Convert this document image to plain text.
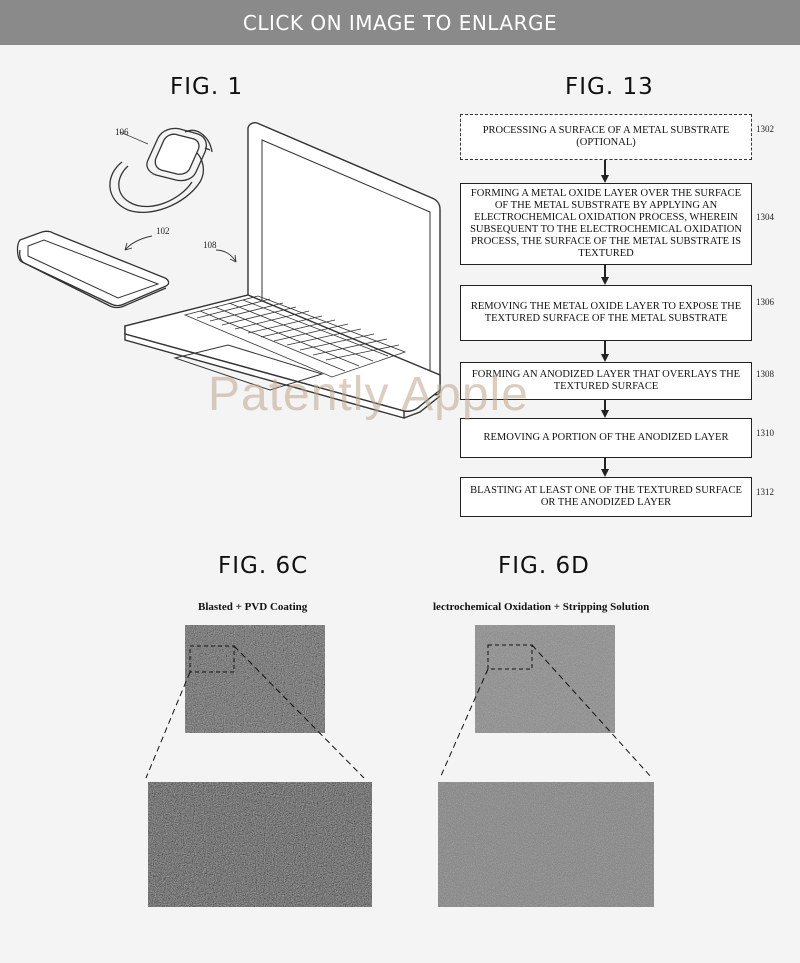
CLICK ON IMAGE TO ENLARGE
FIG. 1
106
102
108
FIG. 13
PROCESSING A SURFACE OF A METAL SUBSTRATE (OPTIONAL)
1302
FORMING A METAL OXIDE LAYER OVER THE SURFACE OF THE METAL SUBSTRATE BY APPLYING AN ELECTROCHEMICAL OXIDATION PROCESS, WHEREIN SUBSEQUENT TO THE ELECTROCHEMICAL OXIDATION PROCESS, THE SURFACE OF THE METAL SUBSTRATE IS TEXTURED
1304
REMOVING THE METAL OXIDE LAYER TO EXPOSE THE TEXTURED SURFACE OF THE METAL SUBSTRATE
1306
FORMING AN ANODIZED LAYER THAT OVERLAYS THE TEXTURED SURFACE
1308
REMOVING A PORTION OF THE ANODIZED LAYER	1310
BLASTING AT LEAST ONE OF THE TEXTURED SURFACE OR THE ANODIZED LAYER
1312
FIG. 6C
Blasted + PVD Coating
FIG. 6D
lectrochemical Oxidation + Stripping Solution
Patently Apple
